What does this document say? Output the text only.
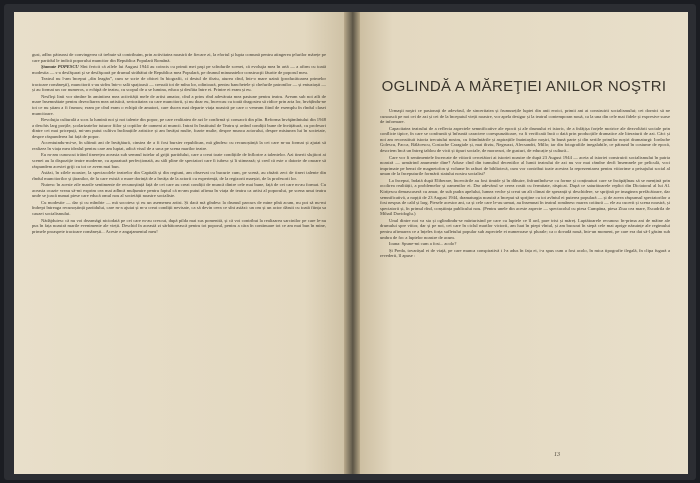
gust, adînc pătrunsi de convingerea că trebuie să contribuim, prin activitatea noastră de fiecare zi, la efortul şi lupta comună pentru atingerea ţelurilor mărețe pe care partidul le indică poporului muncitor din Republica Populară Română.

Ştamate POPESCU Sînt fericit că zilele lui August 1944 au coincis cu primii mei paşi pe scîndurile scenei, că evoluţia mea în artă — a afirm cu toată modestia — s-a desfăşurat şi se desfăşoară pe drumul străbătut de Republica mea Populară, pe drumul minunatelor construcţii făurite de poporul meu.

Teatrul nu l-am început „din leagăn”, cum se scrie de obicei în biografii, ci destul de tîrziu, aiurea cînd, într-o mare uzină (producătoarea primelor tractoare româneşti), muncitorii s-au strîns într-o sală spațioasă — cresută tot de mîna lor, odinioară, pentru banchetele și chefurile patronilor — și entuziaști — și au format un cor numeros, o echipă de teatru, cu scopul de a se lumina, educa și desfăta între ei. Printre ei eram și eu.

Nesfîrşi linii vor rămîne în amintirea mea activității mele de artist amator, cînd a prins rînd adevărata mea pasiune pentru teatru. Aveam sub noi atît de mare însemnătate pentru dezvoltarea mea artistică, seriozitatea cu care muncitorii, și nu doar eu, încercau cu toată dragostea să ridice prin arta lor, învățîndu-ne tot ce nu știam a fi frumos; eram pe cînd eram o echipă de amatori, care ducea mai departe viața noastră pe care o veneam fiind de exemplu în rîndul clasei muncitoare.

Revoluţia culturală a scos la lumină noi şi noi talente din popor, pe care realitatea de azi le confirmă și consacră din plin. Reforma învăţămîntului din 1948 a deschis larg porțile, școlarizatelor tuturor fiilor și copiilor de oameni ai muncii. Intrat în Institutul de Teatru și având condiții bune de învățătură, cu profesori dintre cei mai pricepuți, mi-am putut cultiva înclinațiile artistice și am învățat multe, foarte multe, despre munca actorului, despre misiunea lui în societate, despre răspunderea lui față de popor.

Accentuindu-mi-se, în ultimii ani de învăţătură, cinstea de a fi fost bursier republican, mă gîndesc cu recunoștință la cei care m-au format și ajutat să realizez în viața mea idealul pentru care am luptat, adică visul de a urca pe scena marilor teatre.

Eu m-am cunoscut trăind tinerețea aceasta sub semnul tutelar al grijii partidului, care a creat toate condițiile de înflorire a talentelor. Azi tinerii slujitori ai scenei au la dispoziție teatre moderne, cu aparatură perfecționată, au săli pline de spectatori care îi iubesc și îi stimează; și cred că este o datorie de onoare să răspundem acestei griji cu tot ce avem mai bun.

Astăzi, în zilele noastre, la spectacolele teatrelor din Capitală și din regiuni, am observat cu bucurie cum, pe scenă, au răsărit zeci de tineri talente din rîndul muncitorilor și țăranilor, de la care există o mare dorință de a învăța de la actorii cu experiență, de la regizorii maeștri, de la profesorii lor.

Nutresc în aceste zile marile sentimente de recunoștință față de cei care au creat condiții de muncă dintre cele mai bune, față de cei care m-au format. Cu aceasta ocazie vreau să-mi exprim cea mai adîncă mulțumire pentru faptul că m-am putut afirma în viața de teatru ca artist al poporului, pe scena unui teatru unde se joacă numai piese care educă omul nou al societății noastre socialiste.

Cu modestie — dar și cu mîndrie — mă socotesc și eu un asemenea artist. Și dacă mă gîndesc la drumul parcurs de mine pînă acum, nu pot să nu-mi îndrept întreaga recunoștință partidului, care m-a ajutat și m-a creat condiții nevisate, ca să devin ceea ce sînt astăzi: un om și un actor dăruit cu toată ființa sa cauzei socialismului.

Nădăjduiesc că nu voi dezamăgi niciodată pe cei care m-au crescut, după pilda mai sus pomenită, și că voi contribui la realizarea sarcinilor pe care le-au pus în fața noastră marile evenimente ale vieții. Deschid în această zi sărbătorească pentru tot poporul, pentru a căra în continuare tot ce am mai bun în mine, primele proaspete tractoare românești... Aceste e angajamentul meu!

OGLINDĂ A MĂREŢIEI ANILOR NOŞTRI

Urmaşii noştri ce pasionați de adevărul, de sinceritatea și frumusețile luptei din anii eroici, primii ani ai construirii socialismului; cei dornici să ne cunoască pe noi cei de azi și cei de la începutul vieții noastre, vor apela desigur și la teatrul contemporan nouă, ca la una din cele mai fidele și expresive surse de informare.

Capacitatea teatrului de a reflecta aspectele semnificative ale epocii și ale drumului ei istoric, de a înfățișa forțele motrice ale dezvoltării sociale prin conflicte tipice, în care se confruntă și înfruntă caractere corespunzătoare, va fi verificată încă o dată prin producțiile dramatice ale literaturii de azi. Căci și noi am reconstituit istoria trecutului nostru, cu frămîntările și aspirațiile înaintașilor noștri, în bună parte și din seriile primilor noștri dramaturgi: Iordache Golescu, Facca, Bălăcescu, Costache Caragiale și, mai tîrziu, Negruzzi, Alecsandri, Millo; iar din fotografiile inegalabile, ce pătrund în costume de epocă, descriem încă un întreg tablou de vicii și tipuri sociale, de moravuri, de gusturi, de educație și cultură...

Care vor fi sentimentele încercate de viitorii cercetători ai istoriei noastre de după 23 August 1944 — aceia al istoriei construirii socialismului în patria noastră — urmărind anumente dine? Aduse cînd din tumultul deceniilor al lumii teatrului de azi nu vor mai rămîne decît însemnele pe peliculă, voci imprimate pe benzi de magnetofon și volume în rafturi de bibliotecă, cum vor contribui toate acestea la reprezentarea pentru viitorime a peisajului social al uman de la începuturile formării statului nostru socialist?

La început, îndată după Eliberare, încercările au fost timide și în dibuire, înfruntîndu-se cu forme și conținuturi care se încăpățînau să se mențină prin ocolirea realității, a problemelor și oamenilor ei. Dar adevărul se cerea rostit cu fermitate, răspicat. După ce saturătoarele replici din Dictatorul al lui Al. Kirițescu demascaseră cu amar, de sub pudra apelului, lumea veche și creat un alt climat de speranță și deschidere, se sprijină pe imaginea prefăcătoare, dar semnificativă, a nopții de 23 August 1944, dramaturgia noastră a început să sprijine cu tot avîntul ei puterea populară — și de aceea răspunsul spectatorilor a fost nespus de cald și larg. Piesele acestor ani, ca și cele care le-au urmat, au însemnat în teatrul românesc marea cotitură — ele au cucerit și scena noastră, și spectatorii și, în primul rînd, conștiința publicului nou. (Pentru unele din aceste aspecte — spectacolul cu piesa Cumpăna, piesa Ziua cea mare, Escadrila de Mihail Davidoglu.)

Unul dintre noi va sta și oglindindu-se mărturisind pe care cu luptele ce îl ard, pare trist și măreț. Luptătoarele recunosc în-prima ani de mâine ale drumului spre viitor, dar și pe noi, cei care în ciclul marilor victorii, am luat în piept vîntul, și am bucurat în stepă cele mai aprige năzuințe ale regimului pentru afirmarea ce a înțeles forța sufletului popular sub aspectele ei numeroase și plurale; ca o dovadă nouă, într-un moment, pe care era dat să-l găsim sub umbra de foc a luptelor noastre de acum.

Ioana: Spune-mi cum a fost... acolo?

Și Preda, tovarășul ei de viață, pe care munca conspirativă i l-a adus în fața ei, i-a spus cum a fost acolo, în mica tipografie ilegală, în clipa fugară a revederii, îl apuse :

13
